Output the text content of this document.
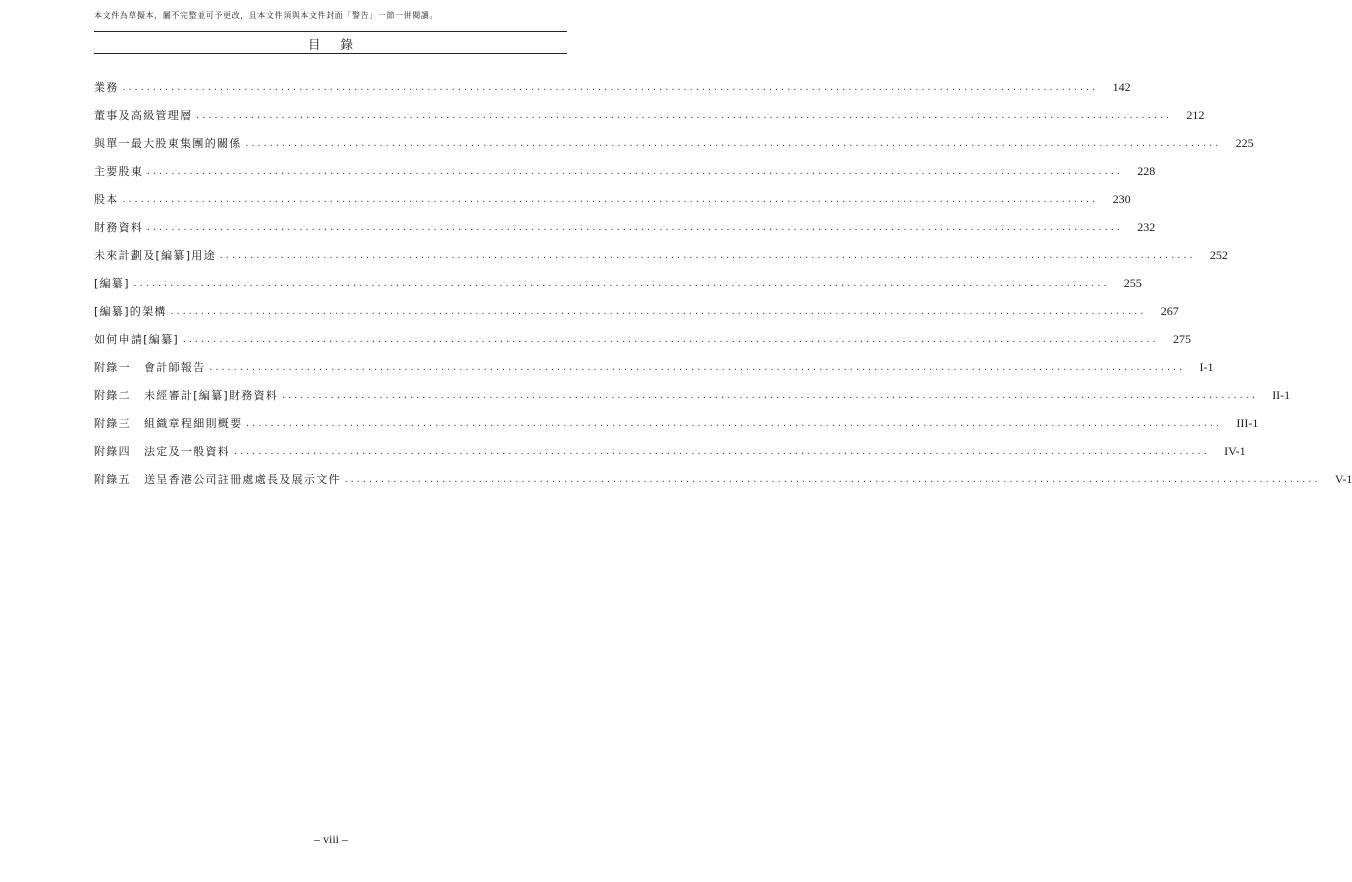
本文件為草擬本，屬不完整並可予更改，且本文件須與本文件封面「警告」一節一併閱讀。
目錄
業務 ................................................................................................................................................................ 142
董事及高級管理層 ................................................................................................................................................................ 212
與單一最大股東集團的關係 ................................................................................................................................................................ 225
主要股東 ................................................................................................................................................................ 228
股本 ................................................................................................................................................................ 230
財務資料 ................................................................................................................................................................ 232
未來計劃及[編纂]用途 ................................................................................................................................................................ 252
[編纂] ................................................................................................................................................................ 255
[編纂]的架構 ................................................................................................................................................................ 267
如何申請[編纂] ................................................................................................................................................................ 275
附錄一 會計師報告 ................................................................................................................................................................ I-1
附錄二 未經審計[編纂]財務資料 ................................................................................................................................................................ II-1
附錄三 組織章程細則概要 ................................................................................................................................................................ III-1
附錄四 法定及一般資料 ................................................................................................................................................................ IV-1
附錄五 送呈香港公司註冊處處長及展示文件 ................................................................................................................................................................ V-1
– viii –
